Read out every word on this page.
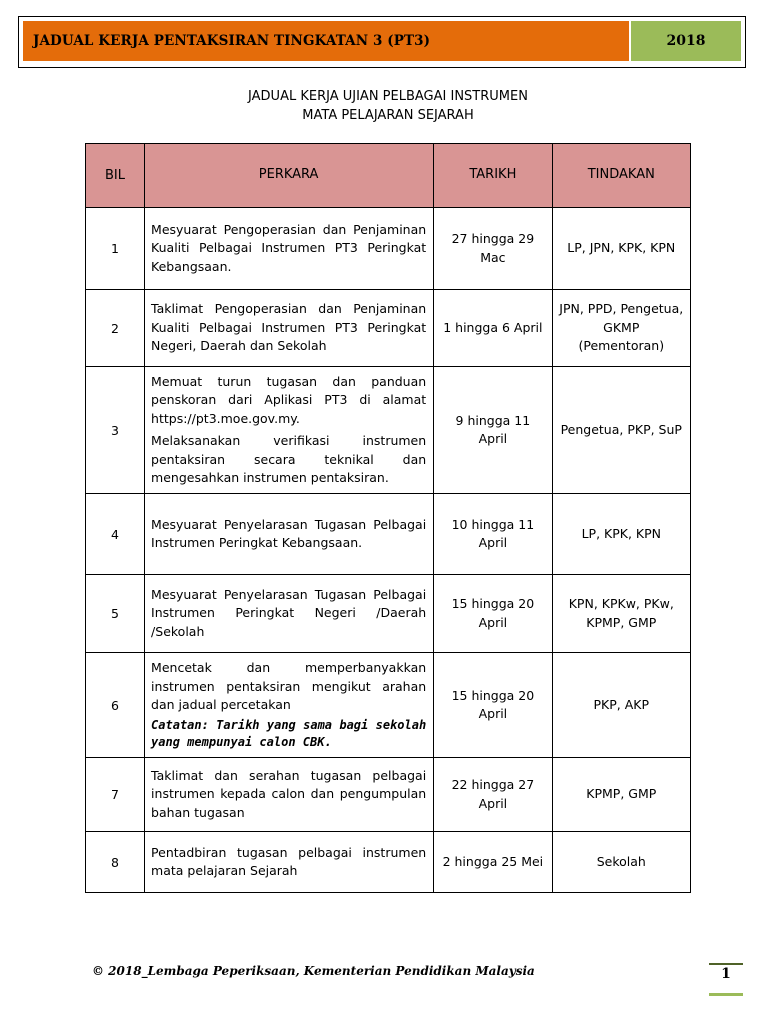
JADUAL KERJA PENTAKSIRAN TINGKATAN 3 (PT3)	2018
JADUAL KERJA UJIAN PELBAGAI INSTRUMEN
MATA PELAJARAN SEJARAH
BIL	PERKARA	TARIKH	TINDAKAN
1	Mesyuarat Pengoperasian dan Penjaminan Kualiti Pelbagai Instrumen PT3 Peringkat Kebangsaan.	27 hingga 29 Mac	LP, JPN, KPK, KPN
2	Taklimat Pengoperasian dan Penjaminan Kualiti Pelbagai Instrumen PT3 Peringkat Negeri, Daerah dan Sekolah	1 hingga 6 April	JPN, PPD, Pengetua, GKMP (Pementoran)
3	Memuat turun tugasan dan panduan penskoran dari Aplikasi PT3 di alamat https://pt3.moe.gov.my.
Melaksanakan verifikasi instrumen pentaksiran secara teknikal dan mengesahkan instrumen pentaksiran.	9 hingga 11 April	Pengetua, PKP, SuP
4	Mesyuarat Penyelarasan Tugasan Pelbagai Instrumen Peringkat Kebangsaan.	10 hingga 11 April	LP, KPK, KPN
5	Mesyuarat Penyelarasan Tugasan Pelbagai Instrumen Peringkat Negeri /Daerah /Sekolah	15 hingga 20 April	KPN, KPKw, PKw, KPMP, GMP
6	Mencetak dan memperbanyakkan instrumen pentaksiran mengikut arahan dan jadual percetakan
Catatan: Tarikh yang sama bagi sekolah yang mempunyai calon CBK.	15 hingga 20 April	PKP, AKP
7	Taklimat dan serahan tugasan pelbagai instrumen kepada calon dan pengumpulan bahan tugasan	22 hingga 27 April	KPMP, GMP
8	Pentadbiran tugasan pelbagai instrumen mata pelajaran Sejarah	2 hingga 25 Mei	Sekolah
© 2018_Lembaga Peperiksaan, Kementerian Pendidikan Malaysia	1
